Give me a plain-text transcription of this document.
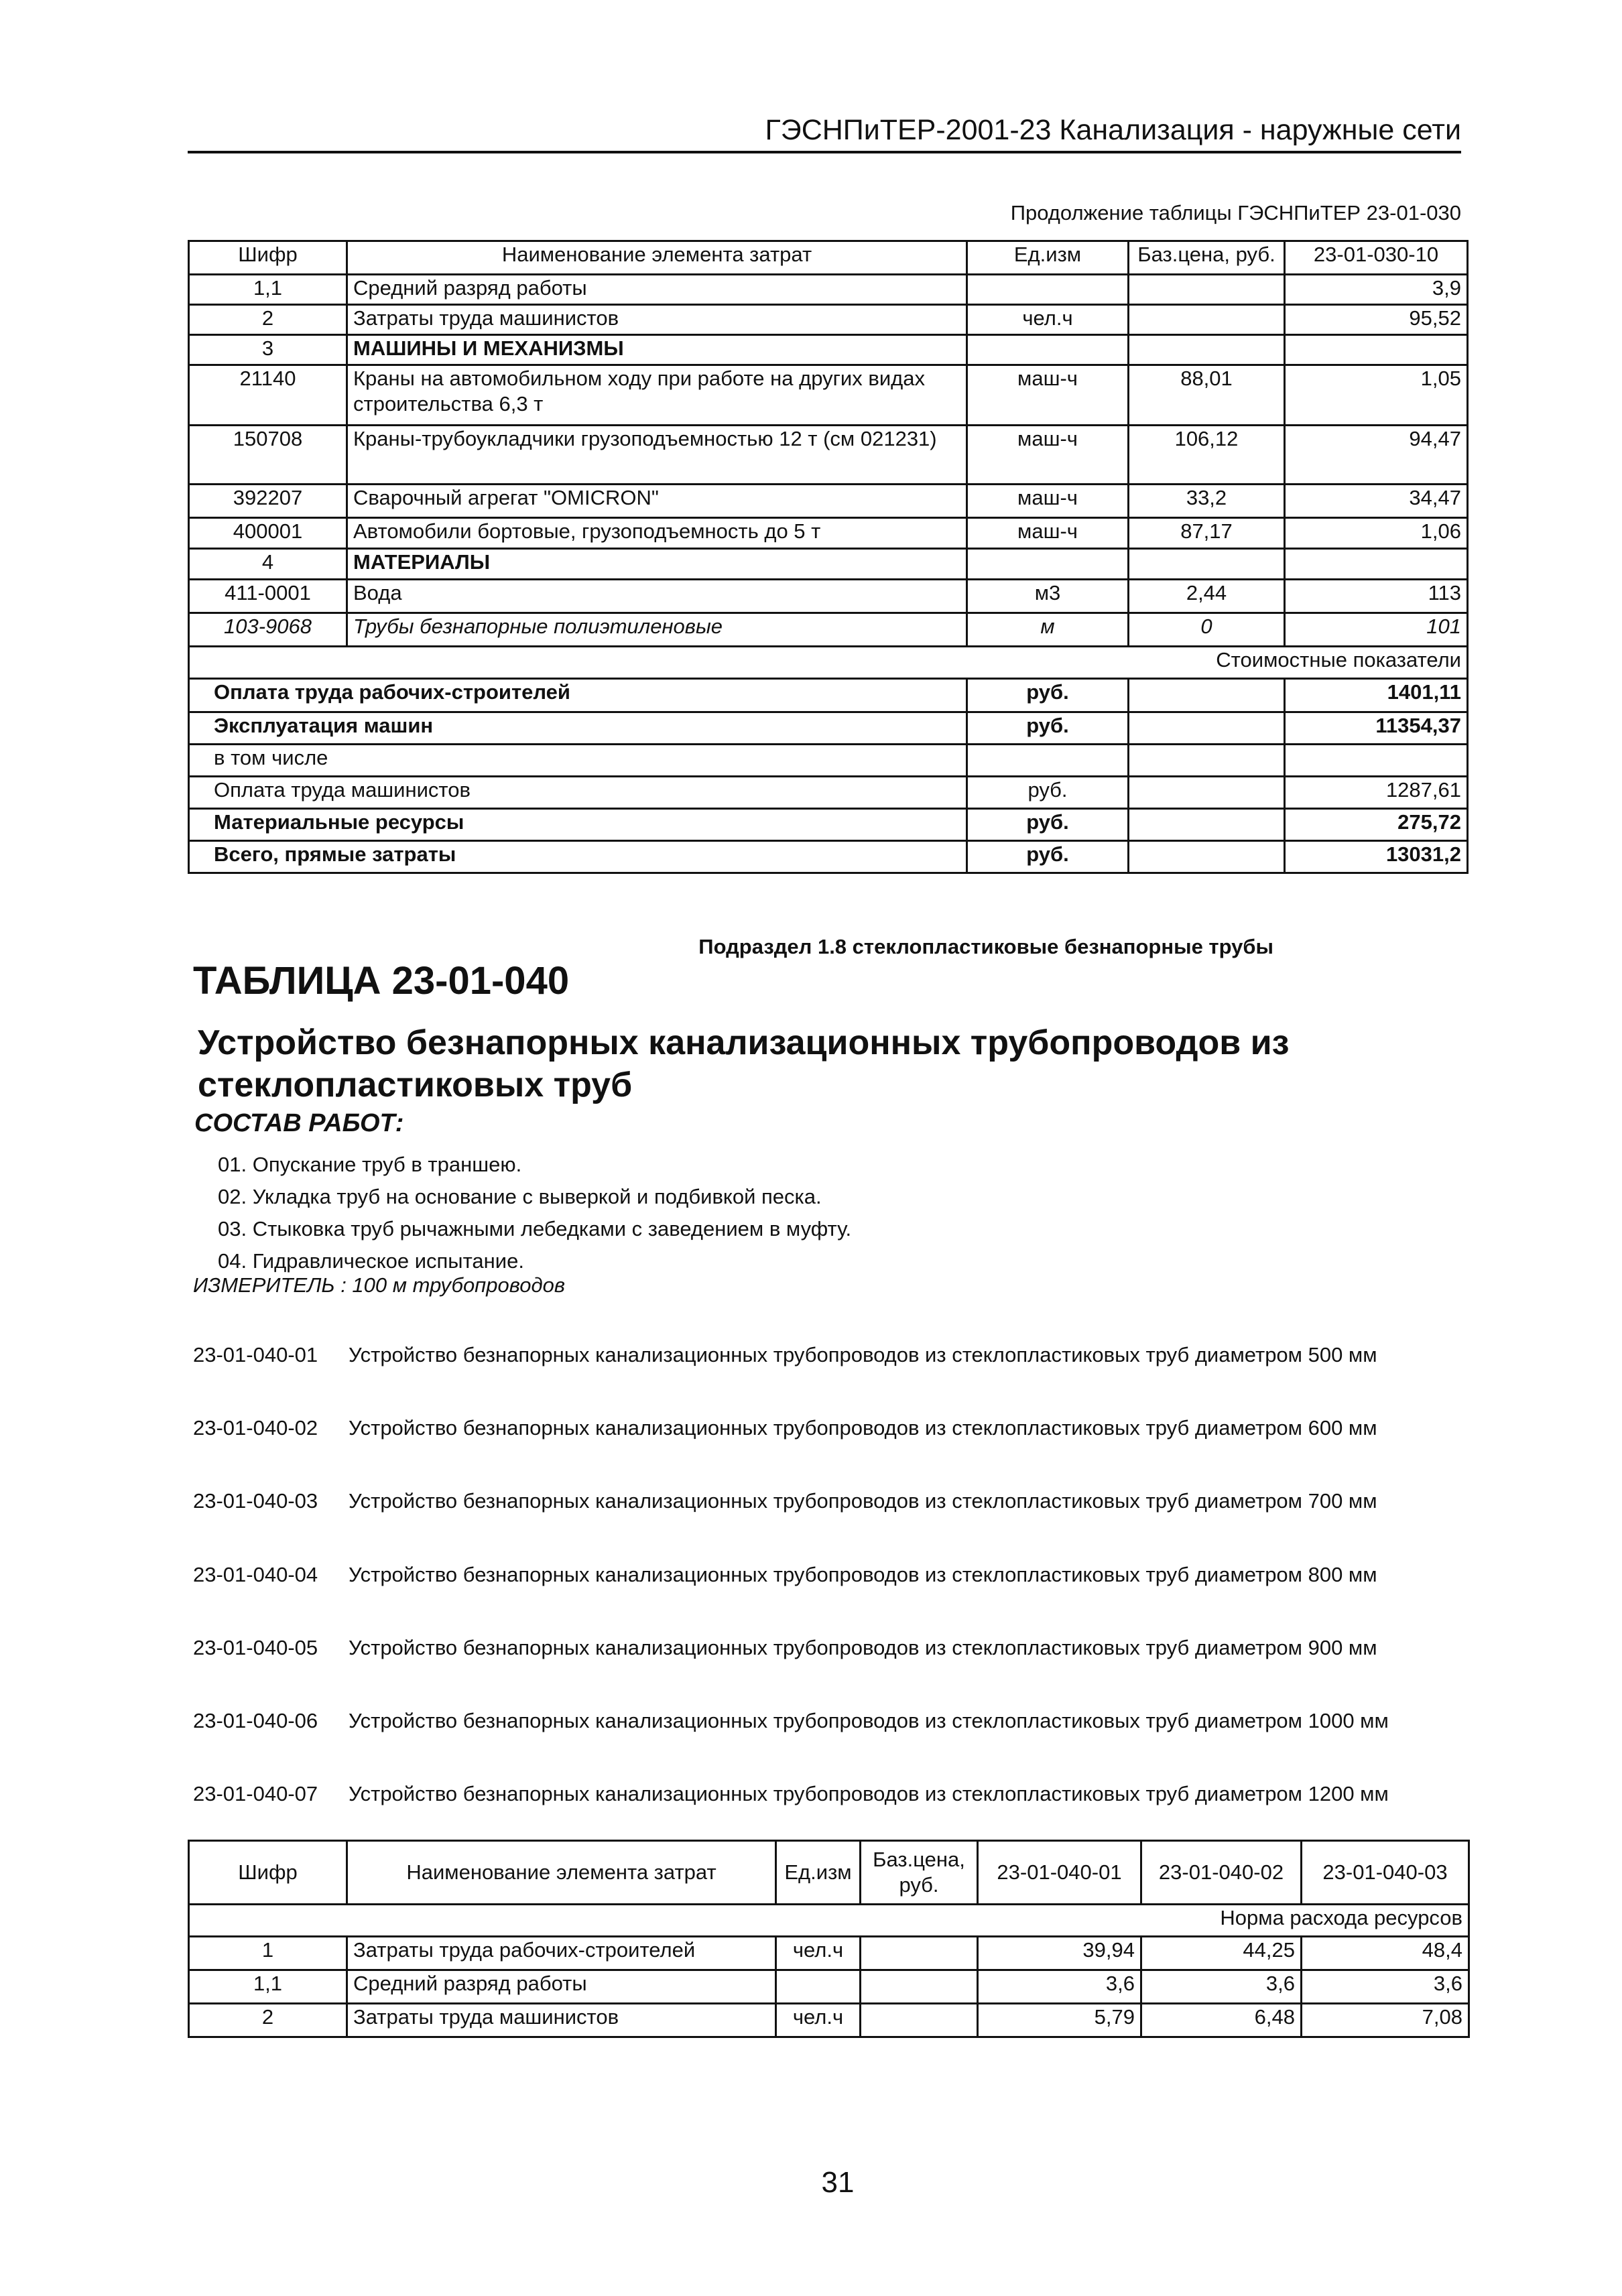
ГЭСНПиТЕР-2001-23 Канализация - наружные сети
Продолжение таблицы ГЭСНПиТЕР 23-01-030
Шифр	Наименование элемента затрат	Ед.изм	Баз.цена, руб.	23-01-030-10
1,1	Средний разряд работы			3,9
2	Затраты труда машинистов	чел.ч		95,52
3	МАШИНЫ И МЕХАНИЗМЫ			
21140	Краны на автомобильном ходу при работе на других видах строительства 6,3 т	маш-ч	88,01	1,05
150708	Краны-трубоукладчики грузоподъемностью 12 т (см 021231)	маш-ч	106,12	94,47
392207	Сварочный агрегат "OMICRON"	маш-ч	33,2	34,47
400001	Автомобили бортовые, грузоподъемность до 5 т	маш-ч	87,17	1,06
4	МАТЕРИАЛЫ			
411-0001	Вода	м3	2,44	113
103-9068	Трубы безнапорные полиэтиленовые	м	0	101
Стоимостные показатели				
Оплата труда рабочих-строителей		руб.		1401,11
Эксплуатация машин		руб.		11354,37
в том числе				
Оплата труда машинистов		руб.		1287,61
Материальные ресурсы		руб.		275,72
Всего, прямые затраты		руб.		13031,2
Подраздел 1.8 стеклопластиковые безнапорные трубы
ТАБЛИЦА 23-01-040
Устройство безнапорных канализационных трубопроводов из стеклопластиковых труб
СОСТАВ РАБОТ:
01. Опускание труб в траншею.
02. Укладка труб на основание с выверкой и подбивкой песка.
03. Стыковка труб рычажными лебедками с заведением в муфту.
04. Гидравлическое испытание.
ИЗМЕРИТЕЛЬ : 100 м трубопроводов
23-01-040-01 Устройство безнапорных канализационных трубопроводов из стеклопластиковых труб диаметром 500 мм
23-01-040-02 Устройство безнапорных канализационных трубопроводов из стеклопластиковых труб диаметром 600 мм
23-01-040-03 Устройство безнапорных канализационных трубопроводов из стеклопластиковых труб диаметром 700 мм
23-01-040-04 Устройство безнапорных канализационных трубопроводов из стеклопластиковых труб диаметром 800 мм
23-01-040-05 Устройство безнапорных канализационных трубопроводов из стеклопластиковых труб диаметром 900 мм
23-01-040-06 Устройство безнапорных канализационных трубопроводов из стеклопластиковых труб диаметром 1000 мм
23-01-040-07 Устройство безнапорных канализационных трубопроводов из стеклопластиковых труб диаметром 1200 мм
Шифр	Наименование элемента затрат	Ед.изм	Баз.цена, руб.	23-01-040-01	23-01-040-02	23-01-040-03
Норма расхода ресурсов						
1	Затраты труда рабочих-строителей	чел.ч		39,94	44,25	48,4
1,1	Средний разряд работы			3,6	3,6	3,6
2	Затраты труда машинистов	чел.ч		5,79	6,48	7,08
31
